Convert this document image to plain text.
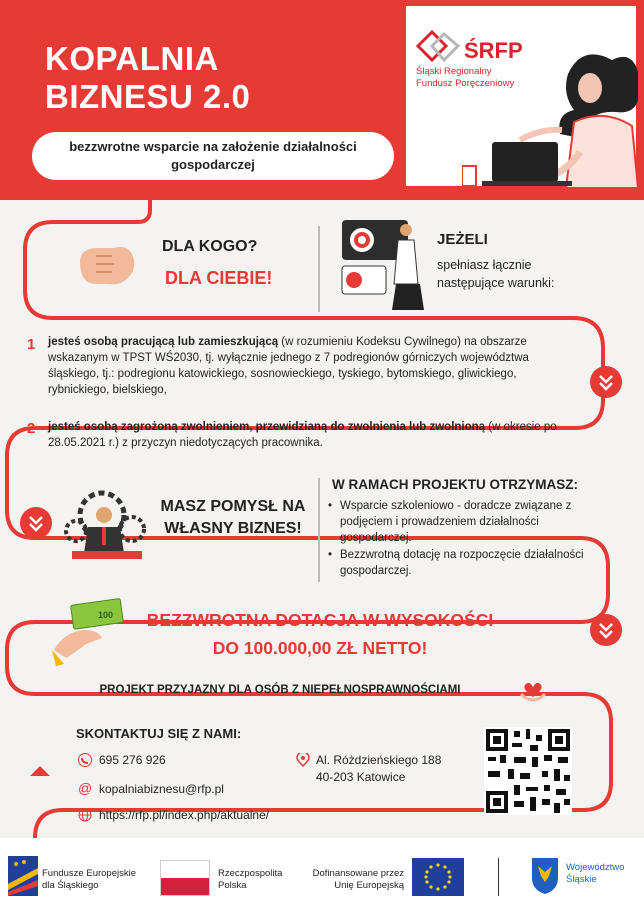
KOPALNIA
BIZNESU 2.0
bezzwrotne wsparcie na założenie działalności gospodarczej
ŚRFP
Śląski Regionalny
Fundusz Poręczeniowy
DLA KOGO?
DLA CIEBIE!
JEŻELI
spełniasz łącznie następujące warunki:
1 jesteś osobą pracującą lub zamieszkującą (w rozumieniu Kodeksu Cywilnego) na obszarze wskazanym w TPST WŚ2030, tj. wyłącznie jednego z 7 podregionów górniczych województwa śląskiego, tj.: podregionu katowickiego, sosnowieckiego, tyskiego, bytomskiego, gliwickiego, rybnickiego, bielskiego,
2 jesteś osobą zagrożoną zwolnieniem, przewidzianą do zwolnienia lub zwolnioną (w okresie po 28.05.2021 r.) z przyczyn niedotyczących pracownika.
MASZ POMYSŁ NA WŁASNY BIZNES!
W RAMACH PROJEKTU OTRZYMASZ:
• Wsparcie szkoleniowo - doradcze związane z podjęciem i prowadzeniem działalności gospodarczej.
• Bezzwrotną dotację na rozpoczęcie działalności gospodarczej.
100	BEZZWROTNA DOTACJA W WYSOKOŚCI
DO 100.000,00 ZŁ NETTO!
PROJEKT PRZYJAZNY DLA OSÓB Z NIEPEŁNOSPRAWNOŚCIAMI
SKONTAKTUJ SIĘ Z NAMI:
695 276 926
@ kopalniabiznesu@rfp.pl
https://rfp.pl/index.php/aktualne/
Al. Różdzieńskiego 188
40-203 Katowice
Fundusze Europejskie
dla Śląskiego
Rzeczpospolita
Polska
Dofinansowane przez
Unię Europejską
Województwo
Śląskie
